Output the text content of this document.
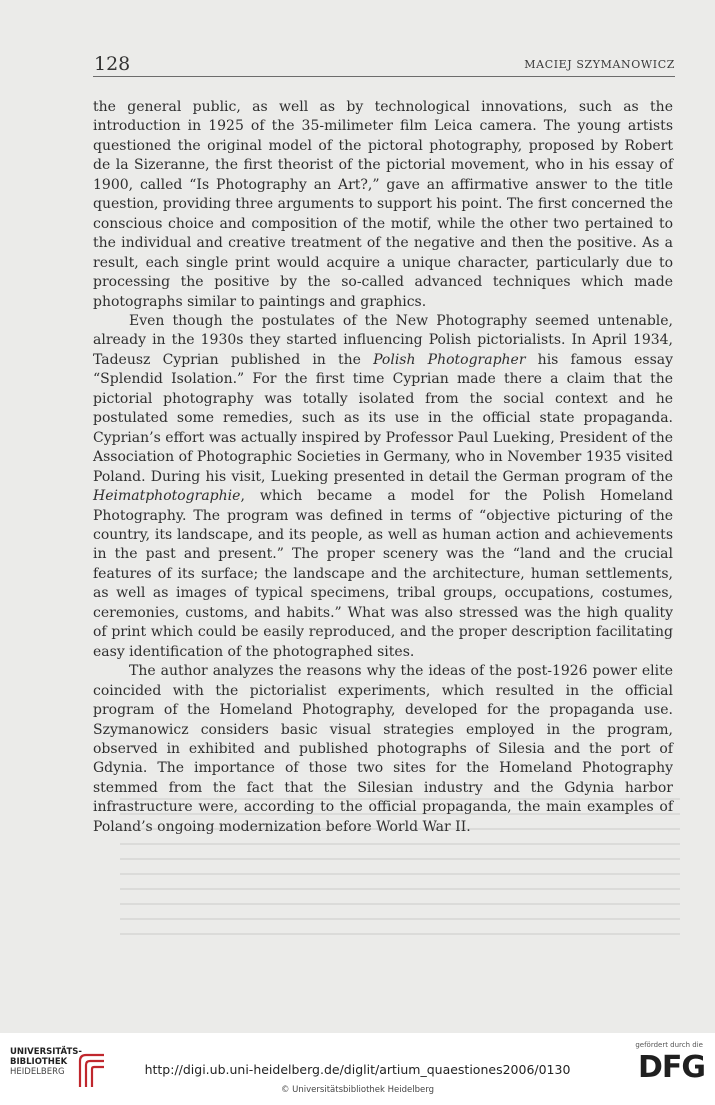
128	MACIEJ SZYMANOWICZ

the general public, as well as by technological innovations, such as the introduction in 1925 of the 35-milimeter film Leica camera. The young artists questioned the original model of the pictoral photography, proposed by Robert de la Sizeranne, the first theorist of the pictorial movement, who in his essay of 1900, called “Is Photography an Art?,” gave an affirmative answer to the title question, providing three arguments to support his point. The first concerned the conscious choice and composition of the motif, while the other two pertained to the individual and creative treatment of the negative and then the positive. As a result, each single print would acquire a unique character, particularly due to processing the positive by the so-called advanced techniques which made photographs similar to paintings and graphics.

Even though the postulates of the New Photography seemed untenable, already in the 1930s they started influencing Polish pictorialists. In April 1934, Tadeusz Cyprian published in the Polish Photographer his famous essay “Splendid Isolation.” For the first time Cyprian made there a claim that the pictorial photography was totally isolated from the social context and he postulated some remedies, such as its use in the official state propaganda. Cyprian’s effort was actually inspired by Professor Paul Lueking, President of the Association of Photographic Societies in Germany, who in November 1935 visited Poland. During his visit, Lueking presented in detail the German program of the Heimatphotographie, which became a model for the Polish Homeland Photography. The program was defined in terms of “objective picturing of the country, its landscape, and its people, as well as human action and achievements in the past and present.” The proper scenery was the “land and the crucial features of its surface; the landscape and the architecture, human settlements, as well as images of typical specimens, tribal groups, occupations, costumes, ceremonies, customs, and habits.” What was also stressed was the high quality of print which could be easily reproduced, and the proper description facilitating easy identification of the photographed sites.

The author analyzes the reasons why the ideas of the post-1926 power elite coincided with the pictorialist experiments, which resulted in the official program of the Homeland Photography, developed for the propaganda use. Szymanowicz considers basic visual strategies employed in the program, observed in exhibited and published photographs of Silesia and the port of Gdynia. The importance of those two sites for the Homeland Photography stemmed from the fact that the Silesian industry and the Gdynia harbor infrastructure were, according to the official propaganda, the main examples of Poland’s ongoing modernization before World War II.

UNIVERSITÄTS-
BIBLIOTHEK
HEIDELBERG	http://digi.ub.uni-heidelberg.de/diglit/artium_quaestiones2006/0130
© Universitätsbibliothek Heidelberg
gefördert durch die
DFG
